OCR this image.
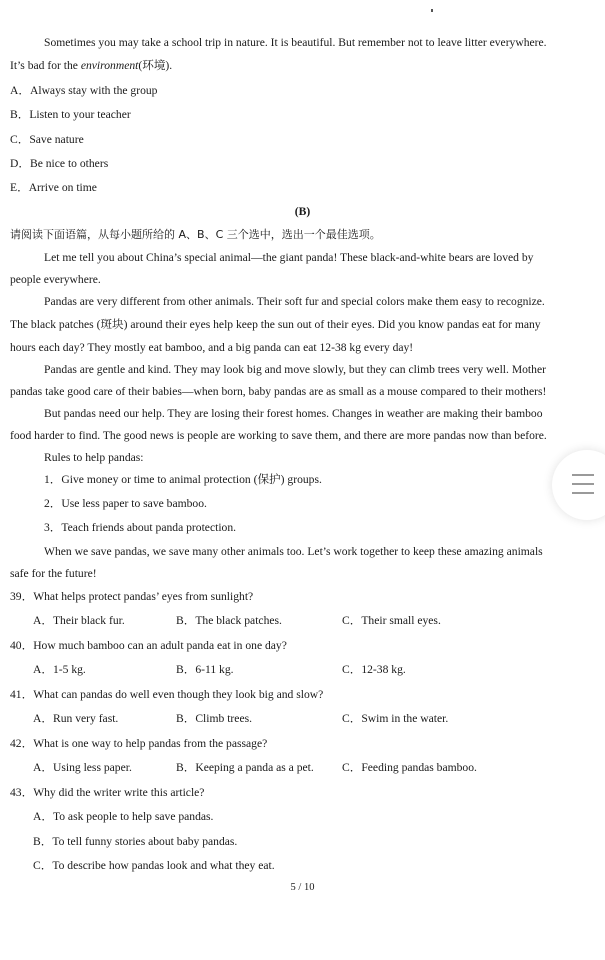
Sometimes you may take a school trip in nature. It is beautiful. But remember not to leave litter everywhere.
It’s bad for the environment(环境).
A．Always stay with the group
B．Listen to your teacher
C．Save nature
D．Be nice to others
E．Arrive on time
(B)
请阅读下面语篇，从每小题所给的 A、B、C 三个选中，选出一个最佳选项。
Let me tell you about China’s special animal—the giant panda! These black-and-white bears are loved by
people everywhere.
Pandas are very different from other animals. Their soft fur and special colors make them easy to recognize.
The black patches (斑块) around their eyes help keep the sun out of their eyes. Did you know pandas eat for many
hours each day? They mostly eat bamboo, and a big panda can eat 12-38 kg every day!
Pandas are gentle and kind. They may look big and move slowly, but they can climb trees very well. Mother
pandas take good care of their babies—when born, baby pandas are as small as a mouse compared to their mothers!
But pandas need our help. They are losing their forest homes. Changes in weather are making their bamboo
food harder to find. The good news is people are working to save them, and there are more pandas now than before.
Rules to help pandas:
1．Give money or time to animal protection (保护) groups.
2．Use less paper to save bamboo.
3．Teach friends about panda protection.
When we save pandas, we save many other animals too. Let’s work together to keep these amazing animals
safe for the future!
39．What helps protect pandas’ eyes from sunlight?
A．Their black fur.	B．The black patches.	C．Their small eyes.
40．How much bamboo can an adult panda eat in one day?
A．1-5 kg.	B．6-11 kg.	C．12-38 kg.
41．What can pandas do well even though they look big and slow?
A．Run very fast.	B．Climb trees.	C．Swim in the water.
42．What is one way to help pandas from the passage?
A．Using less paper.	B．Keeping a panda as a pet. C．Feeding pandas bamboo.
43．Why did the writer write this article?
A．To ask people to help save pandas.
B．To tell funny stories about baby pandas.
C．To describe how pandas look and what they eat.
5 / 10
